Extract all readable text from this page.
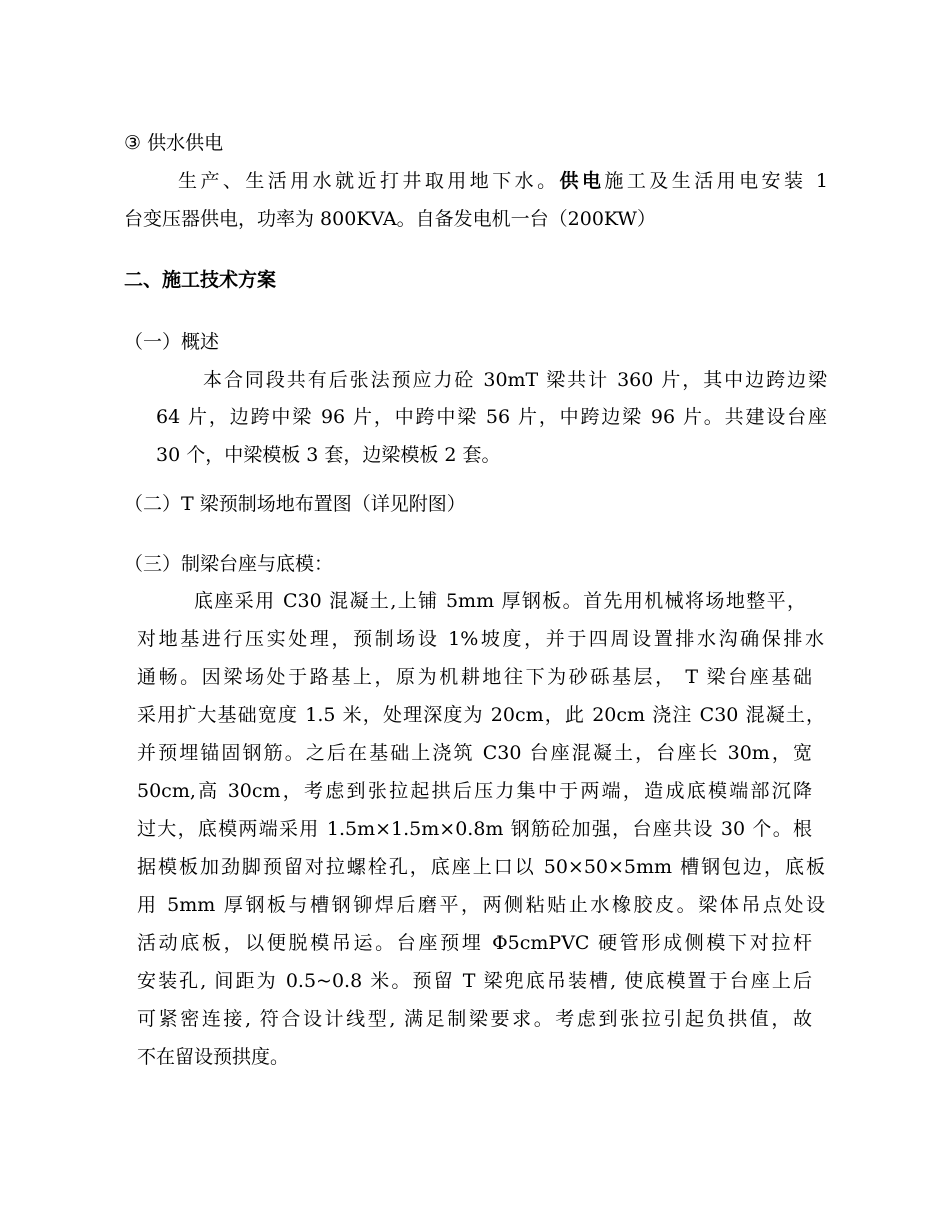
③ 供水供电
生产、生活用水就近打井取用地下水。供电施工及生活用电安装 1
台变压器供电，功率为 800KVA。自备发电机一台（200KW）
二、施工技术方案
（一）概述
本合同段共有后张法预应力砼 30mT 梁共计 360 片，其中边跨边梁
64 片，边跨中梁 96 片，中跨中梁 56 片，中跨边梁 96 片。共建设台座
30 个，中梁模板 3 套，边梁模板 2 套。
（二）T 梁预制场地布置图（详见附图）
（三）制梁台座与底模：
底座采用 C30 混凝土,上铺 5mm 厚钢板。首先用机械将场地整平，
对地基进行压实处理，预制场设 1%坡度，并于四周设置排水沟确保排水
通畅。因梁场处于路基上，原为机耕地往下为砂砾基层， T 梁台座基础
采用扩大基础宽度 1.5 米，处理深度为 20cm，此 20cm 浇注 C30 混凝土，
并预埋锚固钢筋。之后在基础上浇筑 C30 台座混凝土，台座长 30m，宽
50cm,高 30cm，考虑到张拉起拱后压力集中于两端，造成底模端部沉降
过大，底模两端采用 1.5m×1.5m×0.8m 钢筋砼加强，台座共设 30 个。根
据模板加劲脚预留对拉螺栓孔，底座上口以 50×50×5mm 槽钢包边，底板
用 5mm 厚钢板与槽钢铆焊后磨平，两侧粘贴止水橡胶皮。梁体吊点处设
活动底板，以便脱模吊运。台座预埋 Φ5cmPVC 硬管形成侧模下对拉杆
安装孔, 间距为 0.5~0.8 米。预留 T 梁兜底吊装槽, 使底模置于台座上后
可紧密连接, 符合设计线型, 满足制梁要求。考虑到张拉引起负拱值，故
不在留设预拱度。
